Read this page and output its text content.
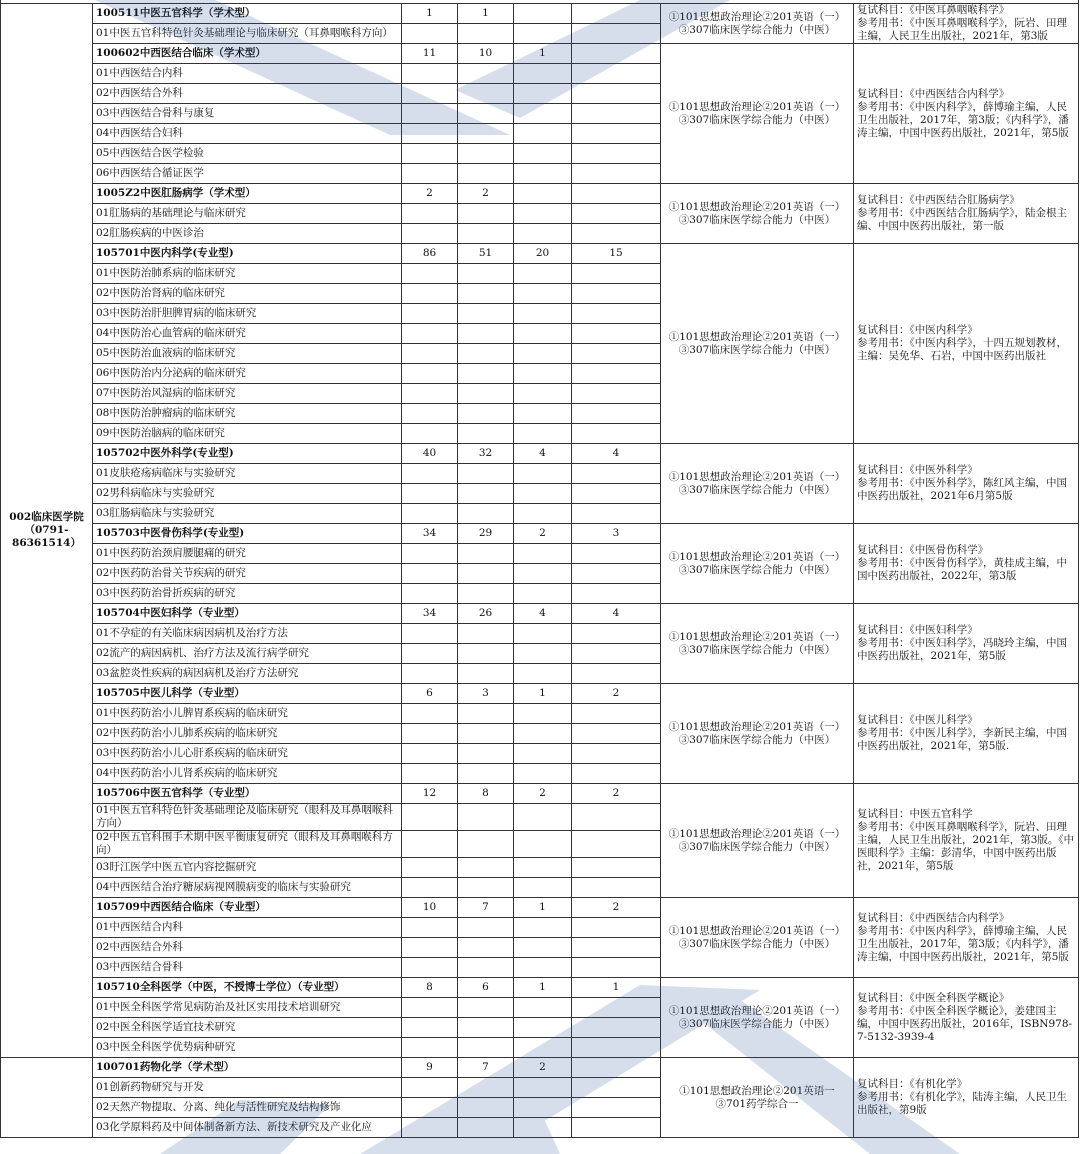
002临床医学院（0791-86361514）	100511中医五官科学（学术型）	1	1			①101思想政治理论②201英语（一）③307临床医学综合能力（中医）	复试科目：《中医耳鼻咽喉科学》
参考用书：《中医耳鼻咽喉科学》，阮岩、田理主编，人民卫生出版社，2021年，第3版

	01中医五官科特色针灸基础理论与临床研究（耳鼻咽喉科方向）						
	100602中西医结合临床（学术型）	11	10	1		①101思想政治理论②201英语（一）③307临床医学综合能力（中医）	复试科目：《中西医结合内科学》
参考用书：《中医内科学》，薛博瑜主编，人民卫生出版社，2017年，第3版；《内科学》，潘涛主编，中国中医药出版社，2021年，第5版

	01中西医结合内科						
	02中西医结合外科						
	03中西医结合骨科与康复						
	04中西医结合妇科						
	05中西医结合医学检验						
	06中西医结合循证医学						
	1005Z2中医肛肠病学（学术型）	2	2			①101思想政治理论②201英语（一）③307临床医学综合能力（中医）	复试科目：《中西医结合肛肠病学》
参考用书：《中西医结合肛肠病学》，陆金根主编、中国中医药出版社，第一版

	01肛肠病的基础理论与临床研究						
	02肛肠疾病的中医诊治						
	105701中医内科学(专业型)	86	51	20	15	①101思想政治理论②201英语（一）③307临床医学综合能力（中医）	复试科目：《中医内科学》
参考用书：《中医内科学》，十四五规划教材，主编：吴免华、石岩，中国中医药出版社

	01中医防治肺系病的临床研究						
	02中医防治肾病的临床研究						
	03中医防治肝胆脾胃病的临床研究						
	04中医防治心血管病的临床研究						
	05中医防治血液病的临床研究						
	06中医防治内分泌病的临床研究						
	07中医防治风湿病的临床研究						
	08中医防治肿瘤病的临床研究						
	09中医防治脑病的临床研究						
	105702中医外科学(专业型)	40	32	4	4	①101思想政治理论②201英语（一）③307临床医学综合能力（中医）	复试科目：《中医外科学》
参考用书：《中医外科学》，陈红风主编，中国中医药出版社，2021年6月第5版

	01皮肤疮疡病临床与实验研究						
	02男科病临床与实验研究						
	03肛肠病临床与实验研究						
	105703中医骨伤科学(专业型)	34	29	2	3	①101思想政治理论②201英语（一）③307临床医学综合能力（中医）	复试科目：《中医骨伤科学》
参考用书：《中医骨伤科学》，黄桂成主编，中国中医药出版社，2022年，第3版

	01中医药防治颈肩腰腿痛的研究						
	02中医药防治骨关节疾病的研究						
	03中医药防治骨折疾病的研究						
	105704中医妇科学（专业型）	34	26	4	4	①101思想政治理论②201英语（一）③307临床医学综合能力（中医）	复试科目：《中医妇科学》
参考用书：《中医妇科学》，冯晓玲主编，中国中医药出版社，2021年，第5版

	01不孕症的有关临床病因病机及治疗方法						
	02流产的病因病机、治疗方法及流行病学研究						
	03盆腔炎性疾病的病因病机及治疗方法研究						
	105705中医儿科学（专业型）	6	3	1	2	①101思想政治理论②201英语（一）③307临床医学综合能力（中医）	复试科目：《中医儿科学》
参考用书：《中医儿科学》，李新民主编，中国中医药出版社，2021年，第5版.

	01中医药防治小儿脾胃系疾病的临床研究						
	02中医药防治小儿肺系疾病的临床研究						
	03中医药防治小儿心肝系疾病的临床研究						
	04中医药防治小儿肾系疾病的临床研究						
	105706中医五官科学（专业型）	12	8	2	2	①101思想政治理论②201英语（一）③307临床医学综合能力（中医）	复试科目：中医五官科学
参考用书：《中医耳鼻咽喉科学》，阮岩、田理主编，人民卫生出版社，2021年，第3版。《中医眼科学》主编：彭清华，中国中医药出版社，2021年，第5版

	01中医五官科特色针灸基础理论及临床研究（眼科及耳鼻咽喉科方向）						
	02中医五官科围手术期中医平衡康复研究（眼科及耳鼻咽喉科方向）						
	03盱江医学中医五官内容挖掘研究						
	04中西医结合治疗糖尿病视网膜病变的临床与实验研究						
	105709中西医结合临床（专业型）	10	7	1	2	①101思想政治理论②201英语（一）③307临床医学综合能力（中医）	复试科目：《中西医结合内科学》
参考用书：《中医内科学》，薛博瑜主编，人民卫生出版社，2017年，第3版；《内科学》，潘涛主编，中国中医药出版社，2021年，第5版

	01中西医结合内科						
	02中西医结合外科						
	03中西医结合骨科						
	105710全科医学（中医，不授博士学位）（专业型）	8	6	1	1	①101思想政治理论②201英语（一）③307临床医学综合能力（中医）	复试科目：《中医全科医学概论》
参考用书：《中医全科医学概论》，姜建国主编，中国中医药出版社，2016年，ISBN978-7-5132-3939-4

	01中医全科医学常见病防治及社区实用技术培训研究						
	02中医全科医学适宜技术研究						
	03中医全科医学优势病种研究						
	100701药物化学（学术型）	9	7	2		①101思想政治理论②201英语一③701药学综合一	复试科目：《有机化学》
参考用书：《有机化学》，陆涛主编，人民卫生出版社，第9版

	01创新药物研究与开发						
	02天然产物提取、分离、纯化与活性研究及结构修饰						
	03化学原料药及中间体制备新方法、新技术研究及产业化应						
